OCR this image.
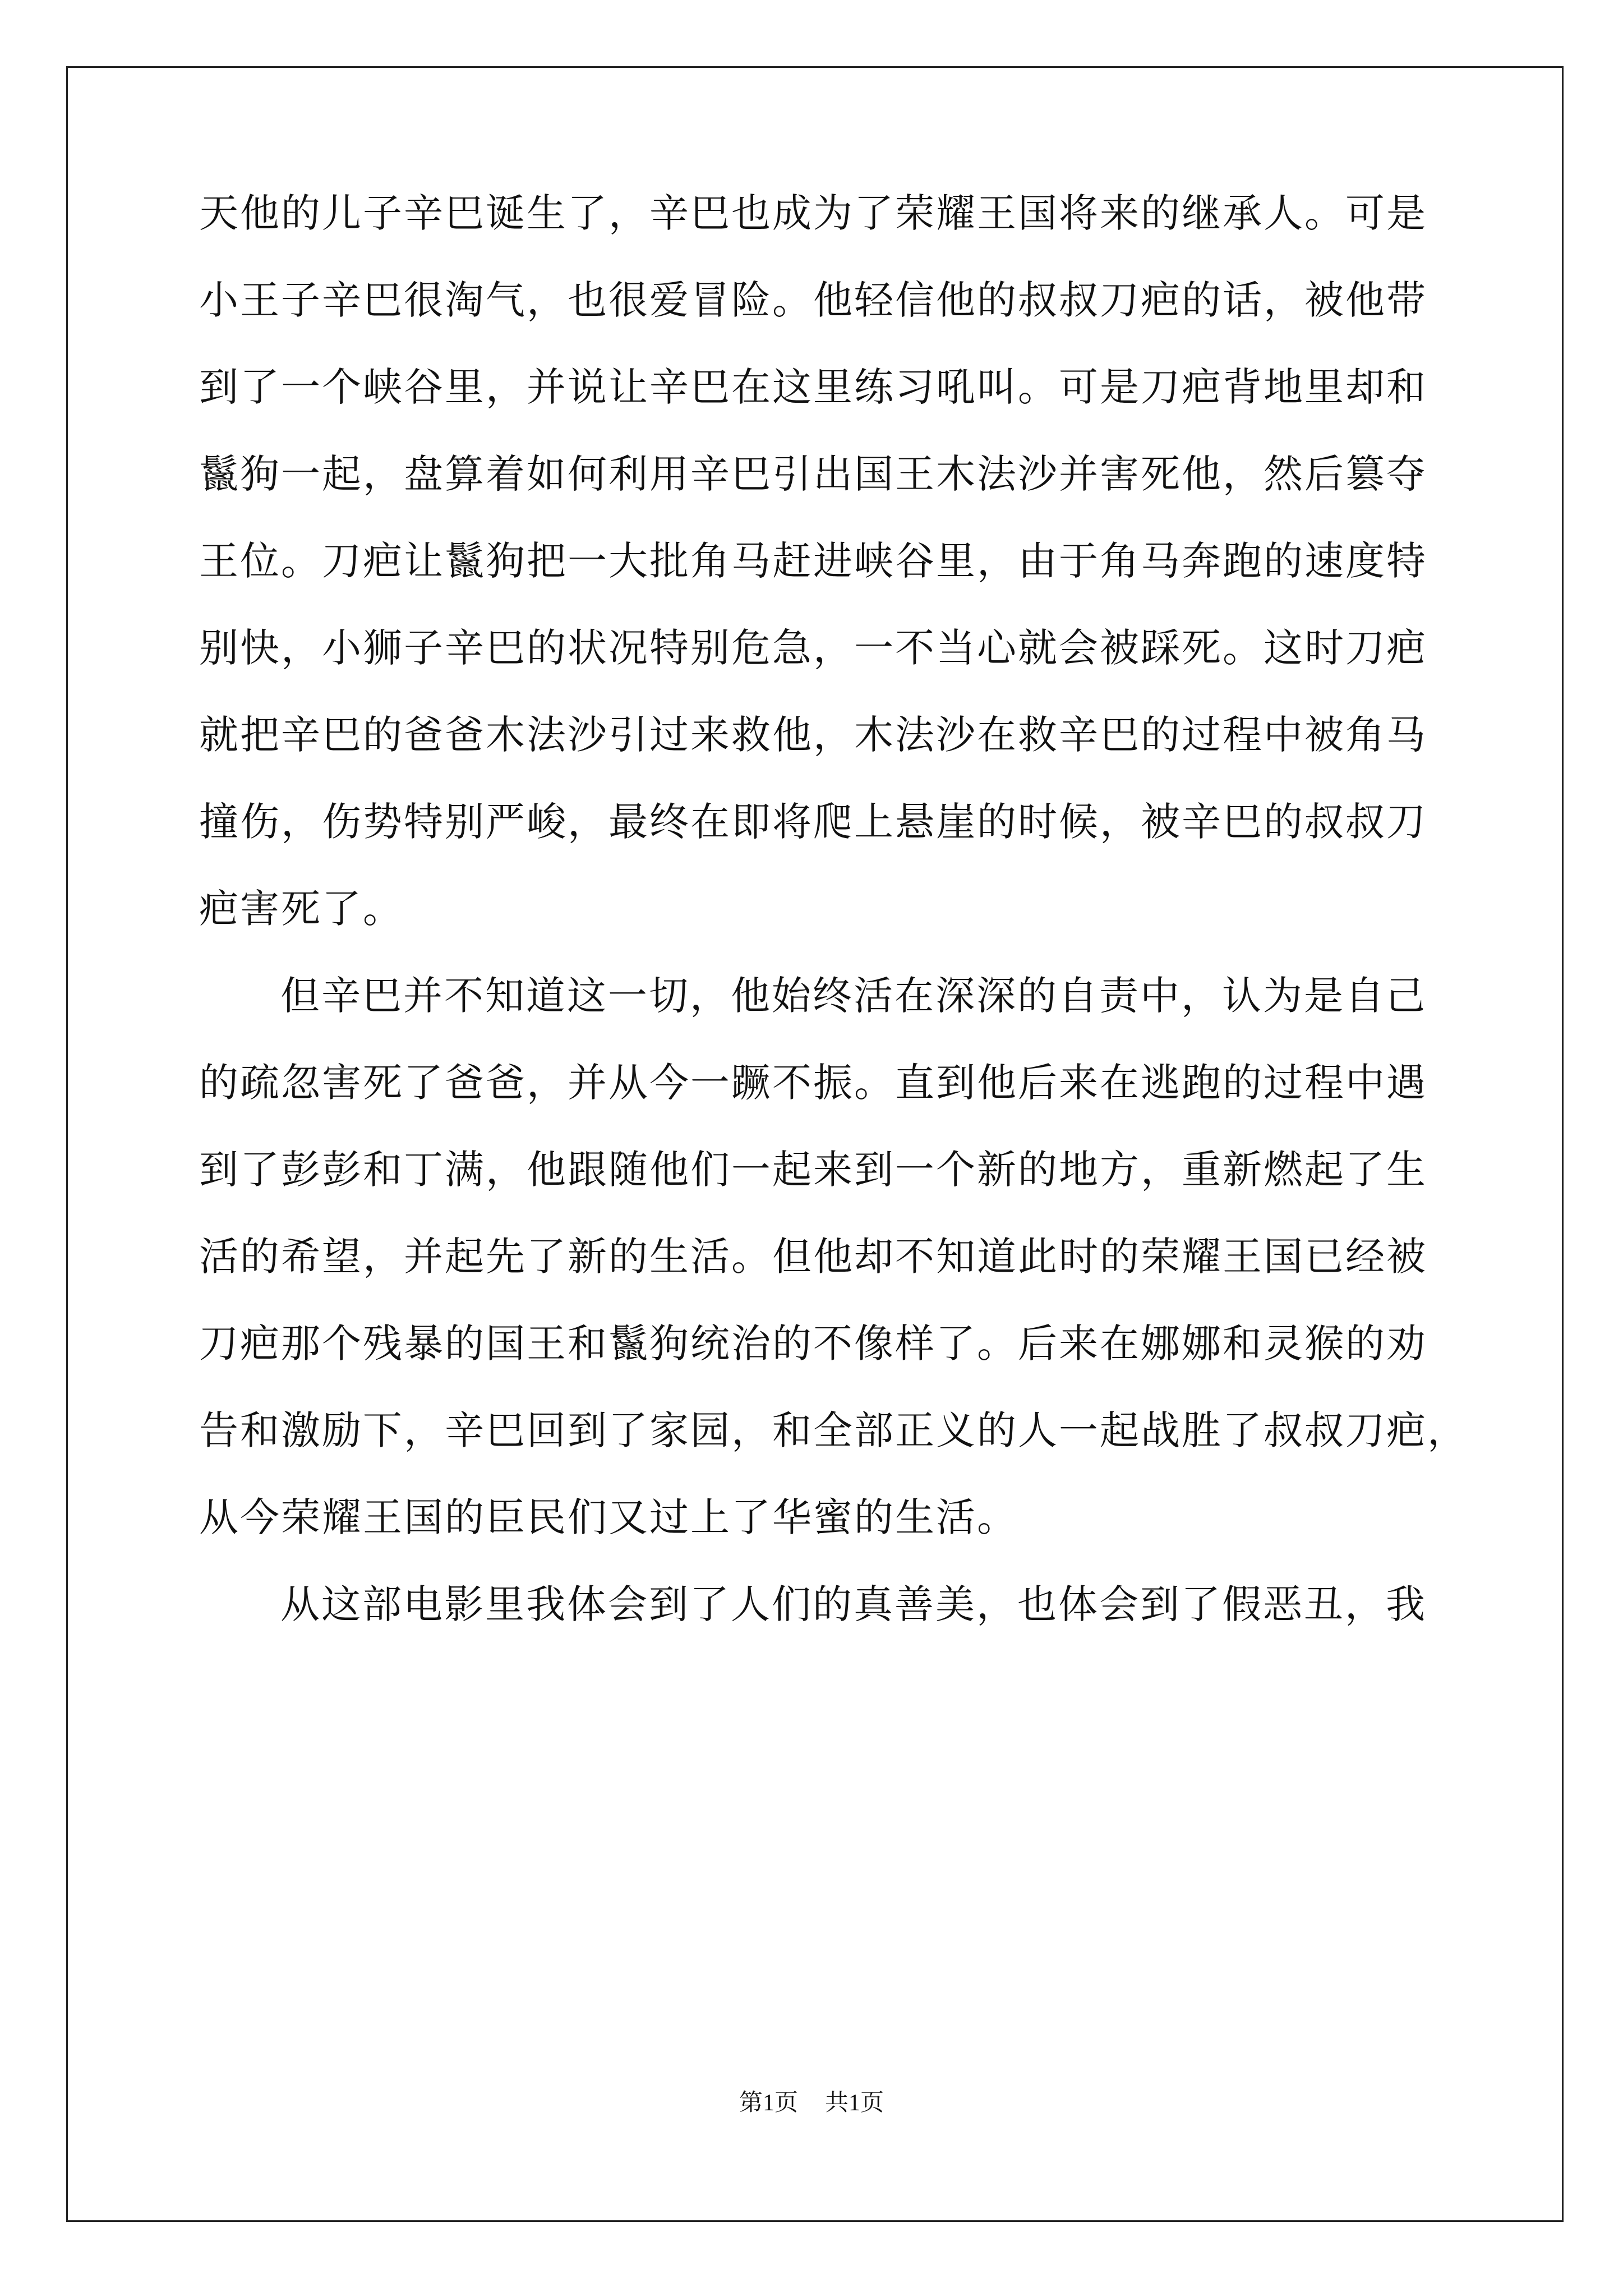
天他的儿子辛巴诞生了，辛巴也成为了荣耀王国将来的继承人。可是
小王子辛巴很淘气，也很爱冒险。他轻信他的叔叔刀疤的话，被他带
到了一个峡谷里，并说让辛巴在这里练习吼叫。可是刀疤背地里却和
鬣狗一起，盘算着如何利用辛巴引出国王木法沙并害死他，然后篡夺
王位。刀疤让鬣狗把一大批角马赶进峡谷里，由于角马奔跑的速度特
别快，小狮子辛巴的状况特别危急，一不当心就会被踩死。这时刀疤
就把辛巴的爸爸木法沙引过来救他，木法沙在救辛巴的过程中被角马
撞伤，伤势特别严峻，最终在即将爬上悬崖的时候，被辛巴的叔叔刀
疤害死了。
但辛巴并不知道这一切，他始终活在深深的自责中，认为是自己
的疏忽害死了爸爸，并从今一蹶不振。直到他后来在逃跑的过程中遇
到了彭彭和丁满，他跟随他们一起来到一个新的地方，重新燃起了生
活的希望，并起先了新的生活。但他却不知道此时的荣耀王国已经被
刀疤那个残暴的国王和鬣狗统治的不像样了。后来在娜娜和灵猴的劝
告和激励下，辛巴回到了家园，和全部正义的人一起战胜了叔叔刀疤，
从今荣耀王国的臣民们又过上了华蜜的生活。
从这部电影里我体会到了人们的真善美，也体会到了假恶丑，我
第1页 共1页
